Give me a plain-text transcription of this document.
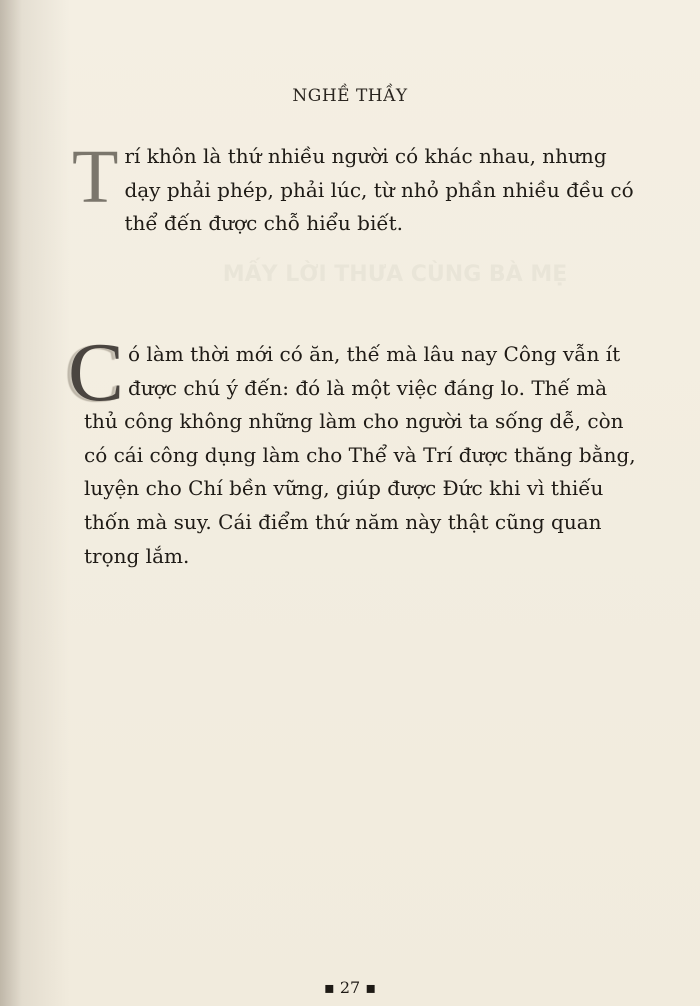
MẤY LỜI THƯA CÙNG BÀ MẸ
NGHỀ THẦY

Trí khôn là thứ nhiều người có khác nhau, nhưng dạy phải phép, phải lúc, từ nhỏ phần nhiều đều có thể đến được chỗ hiểu biết.

Có làm thời mới có ăn, thế mà lâu nay Công vẫn ít được chú ý đến: đó là một việc đáng lo. Thế mà thủ công không những làm cho người ta sống dễ, còn có cái công dụng làm cho Thể và Trí được thăng bằng, luyện cho Chí bền vững, giúp được Đức khi vì thiếu thốn mà suy. Cái điểm thứ năm này thật cũng quan trọng lắm.

▪ 27 ▪
